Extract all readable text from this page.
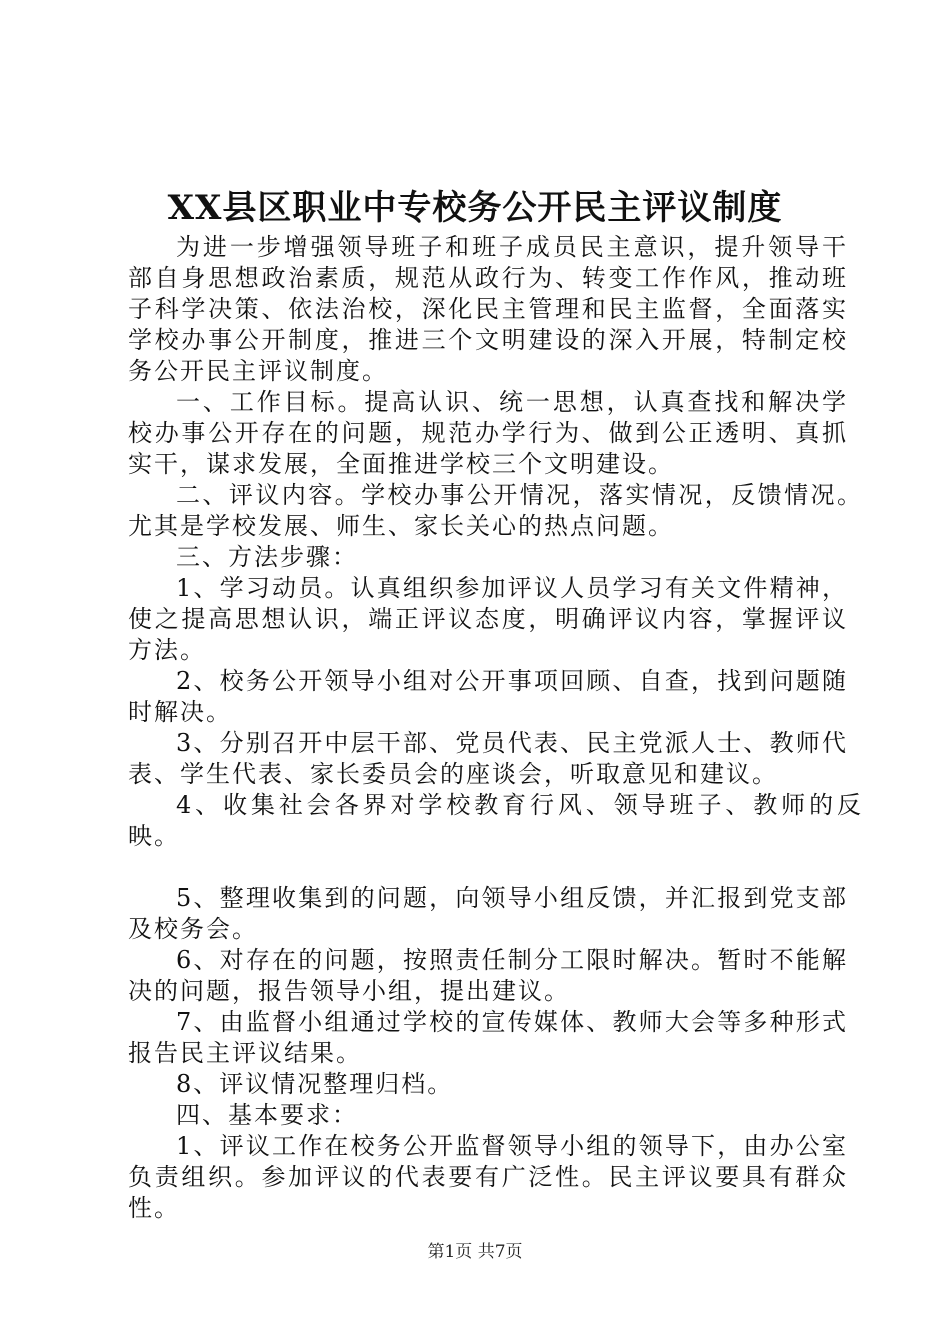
XX县区职业中专校务公开民主评议制度

为进一步增强领导班子和班子成员民主意识，提升领导干部自身思想政治素质，规范从政行为、转变工作作风，推动班子科学决策、依法治校，深化民主管理和民主监督，全面落实学校办事公开制度，推进三个文明建设的深入开展，特制定校务公开民主评议制度。

一、工作目标。提高认识、统一思想，认真查找和解决学校办事公开存在的问题，规范办学行为、做到公正透明、真抓实干，谋求发展，全面推进学校三个文明建设。

二、评议内容。学校办事公开情况，落实情况，反馈情况。尤其是学校发展、师生、家长关心的热点问题。

三、方法步骤：

1、学习动员。认真组织参加评议人员学习有关文件精神，使之提高思想认识，端正评议态度，明确评议内容，掌握评议方法。

2、校务公开领导小组对公开事项回顾、自查，找到问题随时解决。

3、分别召开中层干部、党员代表、民主党派人士、教师代表、学生代表、家长委员会的座谈会，听取意见和建议。

4、收集社会各界对学校教育行风、领导班子、教师的反映。

5、整理收集到的问题，向领导小组反馈，并汇报到党支部及校务会。

6、对存在的问题，按照责任制分工限时解决。暂时不能解决的问题，报告领导小组，提出建议。

7、由监督小组通过学校的宣传媒体、教师大会等多种形式报告民主评议结果。

8、评议情况整理归档。

四、基本要求：

1、评议工作在校务公开监督领导小组的领导下，由办公室负责组织。参加评议的代表要有广泛性。民主评议要具有群众性。

第1页 共7页
